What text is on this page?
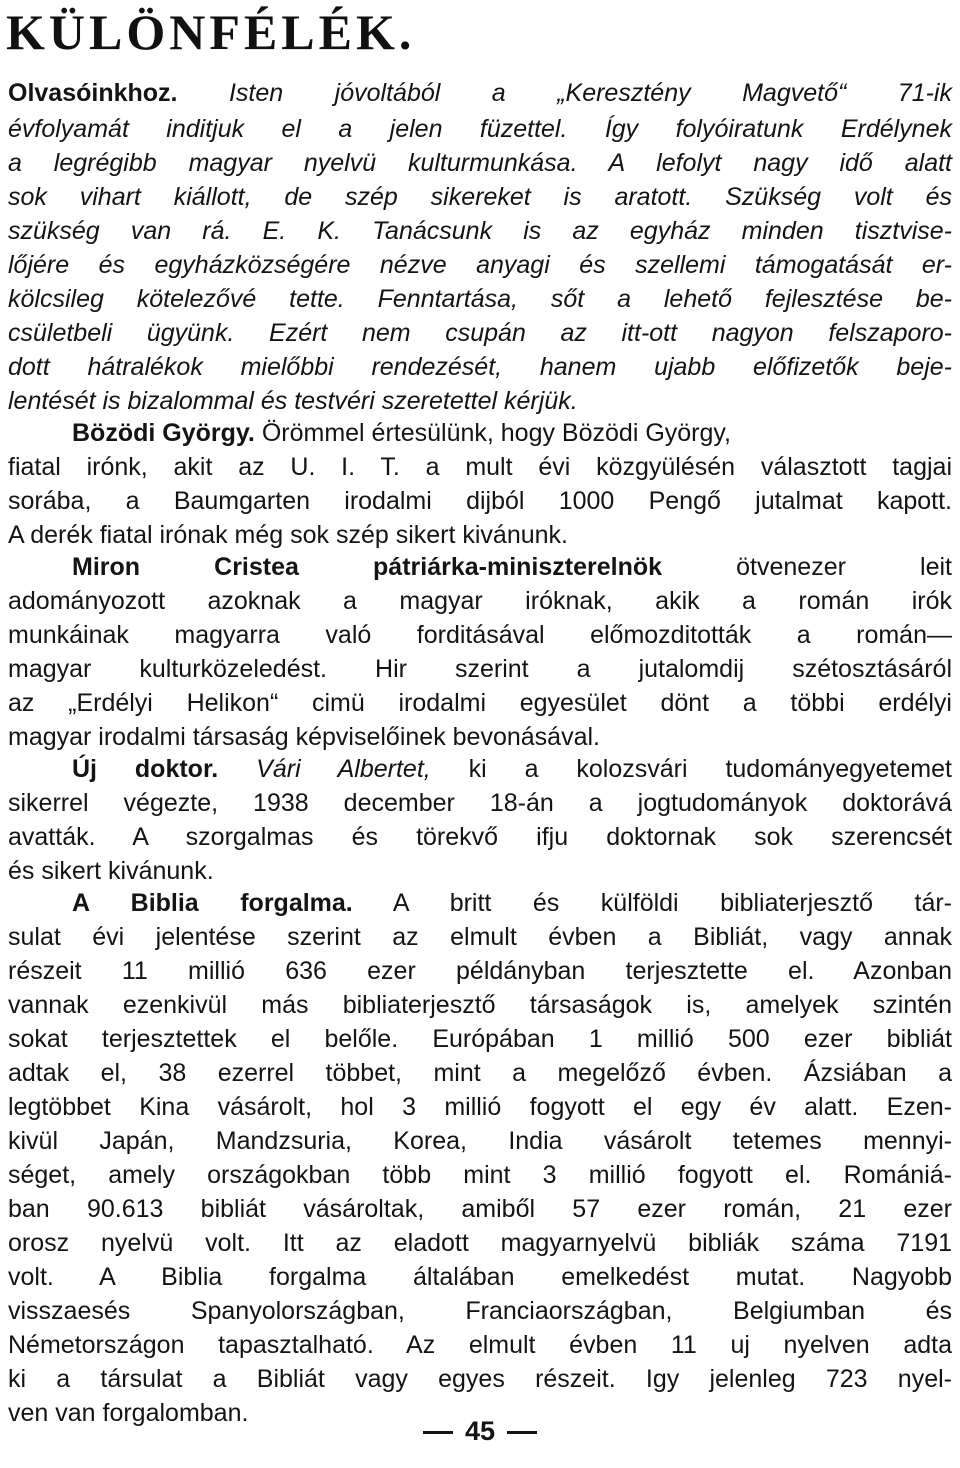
KÜLÖNFÉLÉK.

Olvasóinkhoz. Isten jóvoltából a „Keresztény Magvető“ 71-ik

évfolyamát inditjuk el a jelen füzettel. Így folyóiratunk Erdélynek

a legrégibb magyar nyelvü kulturmunkása. A lefolyt nagy idő alatt

sok vihart kiállott, de szép sikereket is aratott. Szükség volt és

szükség van rá. E. K. Tanácsunk is az egyház minden tisztvise-

lőjére és egyházközségére nézve anyagi és szellemi támogatását er-

kölcsileg kötelezővé tette. Fenntartása, sőt a lehető fejlesztése be-

csületbeli ügyünk. Ezért nem csupán az itt-ott nagyon felszaporo-

dott hátralékok mielőbbi rendezését, hanem ujabb előfizetők beje-

lentését is bizalommal és testvéri szeretettel kérjük.

Bözödi György. Örömmel értesülünk, hogy Bözödi György,

fiatal irónk, akit az U. I. T. a mult évi közgyülésén választott tagjai

sorába, a Baumgarten irodalmi dijból 1000 Pengő jutalmat kapott.

A derék fiatal irónak még sok szép sikert kivánunk.

Miron Cristea pátriárka-miniszterelnök ötvenezer leit

adományozott azoknak a magyar iróknak, akik a román irók

munkáinak magyarra való forditásával előmozditották a román—

magyar kulturközeledést. Hir szerint a jutalomdij szétosztásáról

az „Erdélyi Helikon“ cimü irodalmi egyesület dönt a többi erdélyi

magyar irodalmi társaság képviselőinek bevonásával.

Új doktor. Vári Albertet, ki a kolozsvári tudományegyetemet

sikerrel végezte, 1938 december 18-án a jogtudományok doktorává

avatták. A szorgalmas és törekvő ifju doktornak sok szerencsét

és sikert kivánunk.

A Biblia forgalma. A britt és külföldi bibliaterjesztő tár-

sulat évi jelentése szerint az elmult évben a Bibliát, vagy annak

részeit 11 millió 636 ezer példányban terjesztette el. Azonban

vannak ezenkivül más bibliaterjesztő társaságok is, amelyek szintén

sokat terjesztettek el belőle. Európában 1 millió 500 ezer bibliát

adtak el, 38 ezerrel többet, mint a megelőző évben. Ázsiában a

legtöbbet Kina vásárolt, hol 3 millió fogyott el egy év alatt. Ezen-

kivül Japán, Mandzsuria, Korea, India vásárolt tetemes mennyi-

séget, amely országokban több mint 3 millió fogyott el. Romániá-

ban 90.613 bibliát vásároltak, amiből 57 ezer román, 21 ezer

orosz nyelvü volt. Itt az eladott magyarnyelvü bibliák száma 7191

volt. A Biblia forgalma általában emelkedést mutat. Nagyobb

visszaesés Spanyolországban, Franciaországban, Belgiumban és

Németországon tapasztalható. Az elmult évben 11 uj nyelven adta

ki a társulat a Bibliát vagy egyes részeit. Igy jelenleg 723 nyel-

ven van forgalomban.

45
